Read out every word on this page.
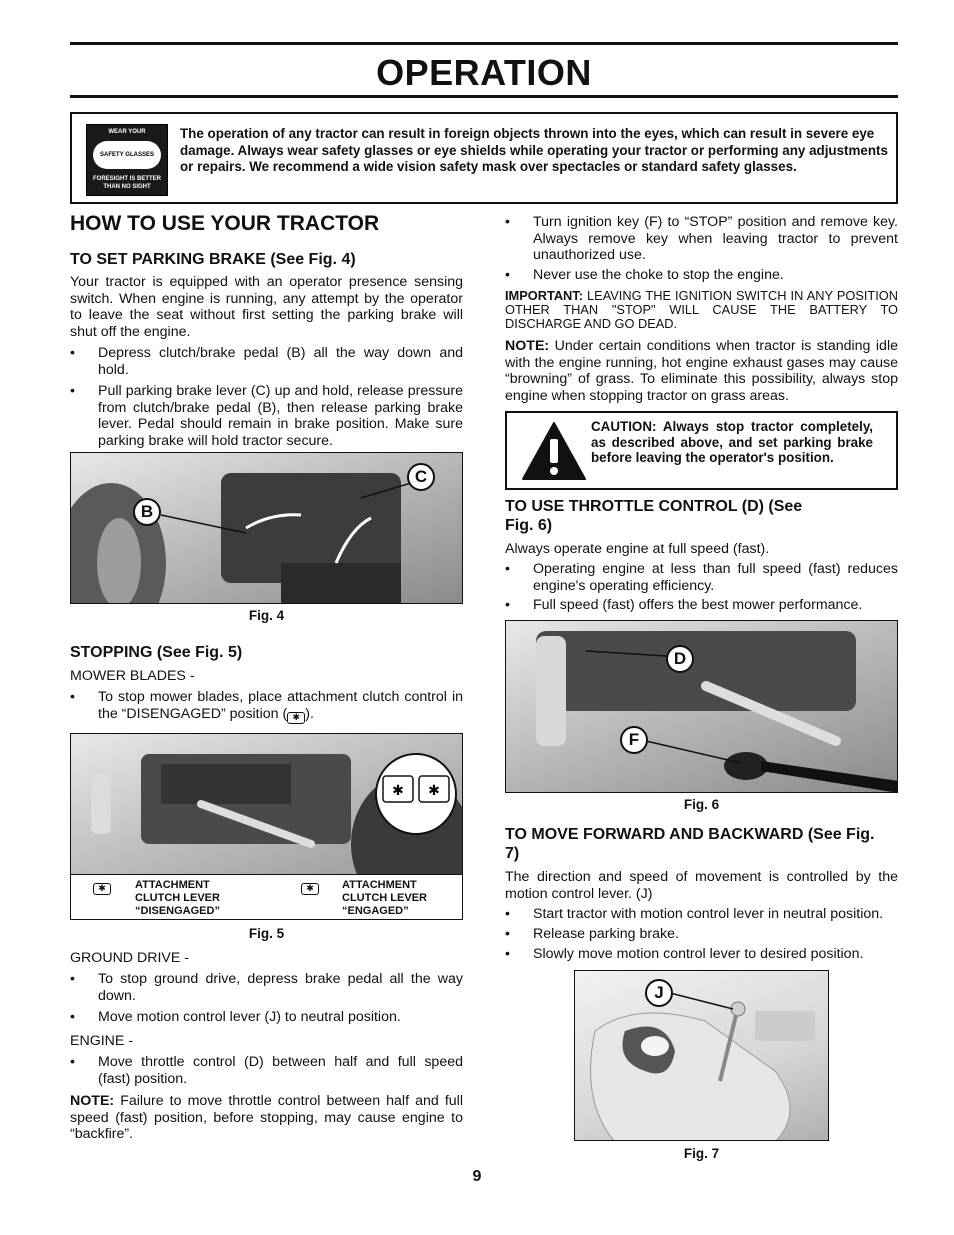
OPERATION
WEAR YOUR
SAFETY GLASSES
FORESIGHT IS BETTER THAN NO SIGHT
The operation of any tractor can result in foreign objects thrown into the eyes, which can result in severe eye damage. Always wear safety glasses or eye shields while operating your tractor or performing any adjustments or repairs. We recommend a wide vision safety mask over spectacles or standard safety glasses.
HOW TO USE YOUR TRACTOR
TO SET PARKING BRAKE (See Fig. 4)
Your tractor is equipped with an operator presence sensing switch. When engine is running, any attempt by the operator to leave the seat without first setting the parking brake will shut off the engine.
• Depress clutch/brake pedal (B) all the way down and hold.
• Pull parking brake lever (C) up and hold, release pressure from clutch/brake pedal (B), then release parking brake lever. Pedal should remain in brake position. Make sure parking brake will hold tractor secure.
B
C
Fig. 4
STOPPING (See Fig. 5)
MOWER BLADES -
• To stop mower blades, place attachment clutch control in the “DISENGAGED” position ( ✱ ).
✱ ✱
✱	ATTACHMENT CLUTCH LEVER “DISENGAGED”
✱	ATTACHMENT CLUTCH LEVER “ENGAGED”
Fig. 5
GROUND DRIVE -
• To stop ground drive, depress brake pedal all the way down.
• Move motion control lever (J) to neutral position.
ENGINE -
• Move throttle control (D) between half and full speed (fast) position.
NOTE: Failure to move throttle control between half and full speed (fast) position, before stopping, may cause engine to “backfire”.
• Turn ignition key (F) to “STOP” position and remove key. Always remove key when leaving tractor to prevent unauthorized use.
• Never use the choke to stop the engine.
IMPORTANT: LEAVING THE IGNITION SWITCH IN ANY POSITION OTHER THAN "STOP" WILL CAUSE THE BATTERY TO DISCHARGE AND GO DEAD.
NOTE: Under certain conditions when tractor is standing idle with the engine running, hot engine exhaust gases may cause “browning” of grass. To eliminate this possibility, always stop engine when stopping tractor on grass areas.
CAUTION: Always stop tractor completely, as described above, and set parking brake before leaving the operator's position.
TO USE THROTTLE CONTROL (D) (See Fig. 6)
Always operate engine at full speed (fast).
• Operating engine at less than full speed (fast) reduces engine's operating efficiency.
• Full speed (fast) offers the best mower performance.
D
F
Fig. 6
TO MOVE FORWARD AND BACKWARD (See Fig. 7)
The direction and speed of movement is controlled by the motion control lever. (J)
• Start tractor with motion control lever in neutral position.
• Release parking brake.
• Slowly move motion control lever to desired position.
J
Fig. 7
9
